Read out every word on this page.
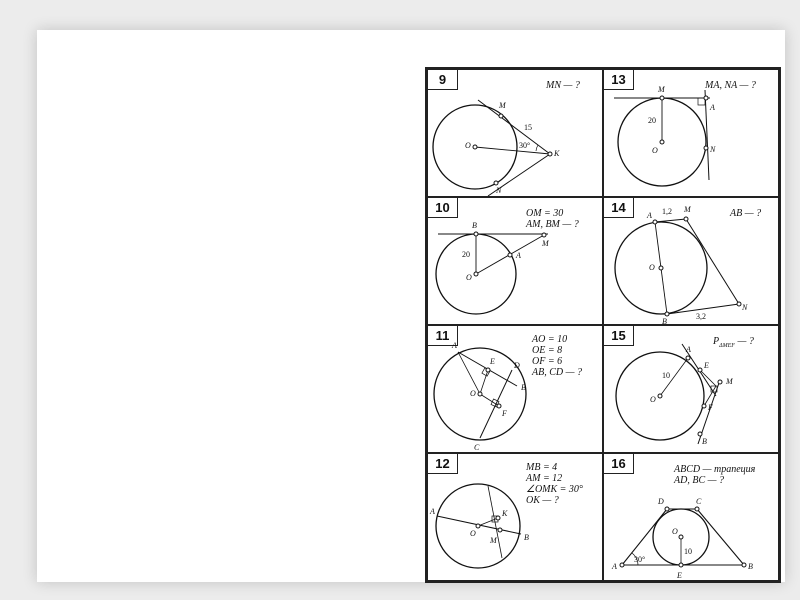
9	MN — ?
M
N
O
K
15
30°
13	MA, NA — ?
M
A
O	N
20
10	OM = 30
AM, BM — ?
B
A
M
O
20
14	AB — ?
A
M
O
B
N
1,2
3,2
11	AO = 10
OE = 8
OF = 6
AB, CD — ?
A
E D
B
O
F
C
15	$P_{\Delta MEF}$ — ?
A
E
M
O
F
B
10
12	MB = 4
AM = 12
∠OMK = 30°
OK — ?
A	K
M
O	B
16	ABCD — трапеция
AD, BC — ?
D	C
O
A
E
B
10
30°
